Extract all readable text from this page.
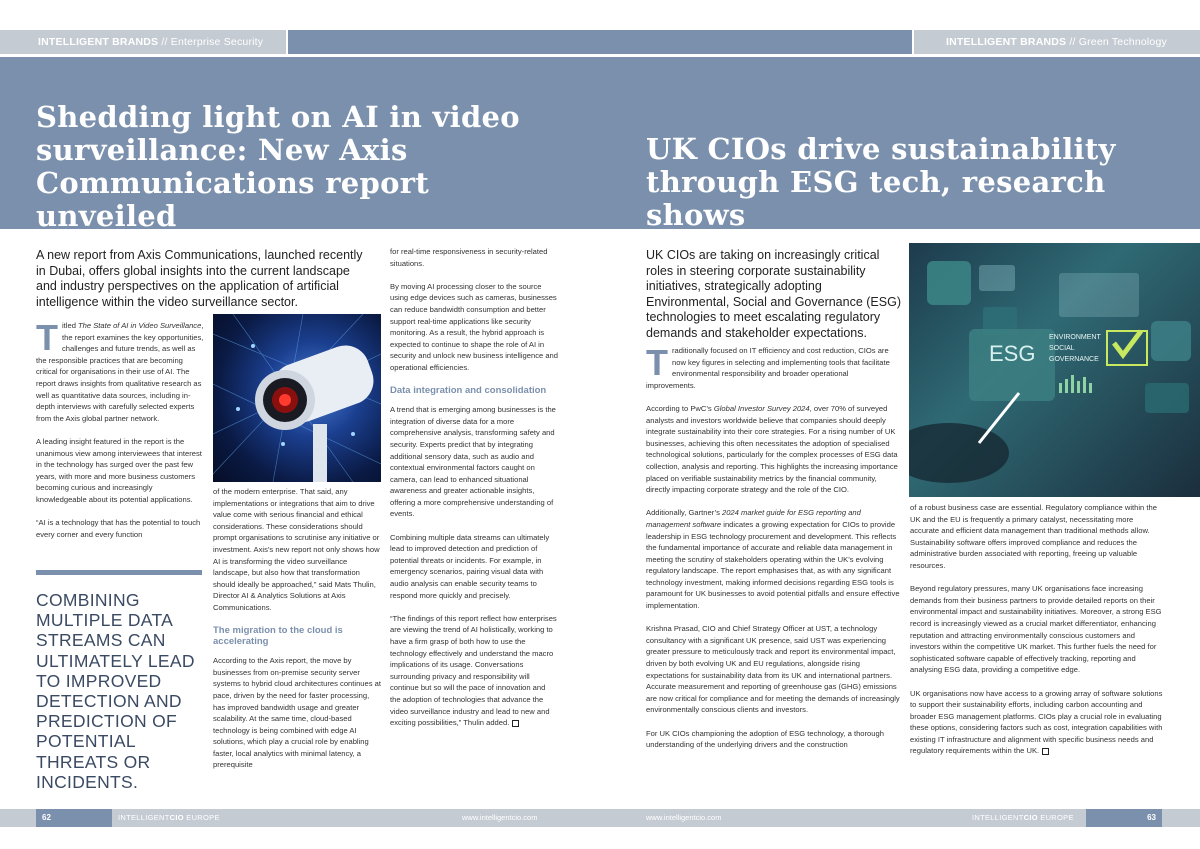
INTELLIGENT BRANDS // Enterprise Security	INTELLIGENT BRANDS // Green Technology
Shedding light on AI in video surveillance: New Axis Communications report unveiled
UK CIOs drive sustainability through ESG tech, research shows
A new report from Axis Communications, launched recently in Dubai, offers global insights into the current landscape and industry perspectives on the application of artificial intelligence within the video surveillance sector.

Titled The State of AI in Video Surveillance, the report examines the key opportunities, challenges and future trends, as well as the responsible practices that are becoming critical for organisations in their use of AI. The report draws insights from qualitative research as well as quantitative data sources, including in-depth interviews with carefully selected experts from the Axis global partner network.

A leading insight featured in the report is the unanimous view among interviewees that interest in the technology has surged over the past few years, with more and more business customers becoming curious and increasingly knowledgeable about its potential applications.

“AI is a technology that has the potential to touch every corner and every function

COMBINING MULTIPLE DATA STREAMS CAN ULTIMATELY LEAD TO IMPROVED DETECTION AND PREDICTION OF POTENTIAL THREATS OR INCIDENTS.

of the modern enterprise. That said, any implementations or integrations that aim to drive value come with serious financial and ethical considerations. These considerations should prompt organisations to scrutinise any initiative or investment. Axis’s new report not only shows how AI is transforming the video surveillance landscape, but also how that transformation should ideally be approached,” said Mats Thulin, Director AI & Analytics Solutions at Axis Communications.

The migration to the cloud is accelerating

According to the Axis report, the move by businesses from on-premise security server systems to hybrid cloud architectures continues at pace, driven by the need for faster processing, has improved bandwidth usage and greater scalability. At the same time, cloud-based technology is being combined with edge AI solutions, which play a crucial role by enabling faster, local analytics with minimal latency, a prerequisite

for real-time responsiveness in security-related situations.

By moving AI processing closer to the source using edge devices such as cameras, businesses can reduce bandwidth consumption and better support real-time applications like security monitoring. As a result, the hybrid approach is expected to continue to shape the role of AI in security and unlock new business intelligence and operational efficiencies.

Data integration and consolidation

A trend that is emerging among businesses is the integration of diverse data for a more comprehensive analysis, transforming safety and security. Experts predict that by integrating additional sensory data, such as audio and contextual environmental factors caught on camera, can lead to enhanced situational awareness and greater actionable insights, offering a more comprehensive understanding of events.

Combining multiple data streams can ultimately lead to improved detection and prediction of potential threats or incidents. For example, in emergency scenarios, pairing visual data with audio analysis can enable security teams to respond more quickly and precisely.

“The findings of this report reflect how enterprises are viewing the trend of AI holistically, working to have a firm grasp of both how to use the technology effectively and understand the macro implications of its usage. Conversations surrounding privacy and responsibility will continue but so will the pace of innovation and the adoption of technologies that advance the video surveillance industry and lead to new and exciting possibilities,” Thulin added.

UK CIOs are taking on increasingly critical roles in steering corporate sustainability initiatives, strategically adopting Environmental, Social and Governance (ESG) technologies to meet escalating regulatory demands and stakeholder expectations.
ESG
ENVIRONMENT
SOCIAL
GOVERNANCE

Traditionally focused on IT efficiency and cost reduction, CIOs are now key figures in selecting and implementing tools that facilitate environmental responsibility and broader operational improvements.

According to PwC’s Global Investor Survey 2024, over 70% of surveyed analysts and investors worldwide believe that companies should deeply integrate sustainability into their core strategies. For a rising number of UK businesses, achieving this often necessitates the adoption of specialised technological solutions, particularly for the complex processes of ESG data collection, analysis and reporting. This highlights the increasing importance placed on verifiable sustainability metrics by the financial community, directly impacting corporate strategy and the role of the CIO.

Additionally, Gartner’s 2024 market guide for ESG reporting and management software indicates a growing expectation for CIOs to provide leadership in ESG technology procurement and development. This reflects the fundamental importance of accurate and reliable data management in meeting the scrutiny of stakeholders operating within the UK’s evolving regulatory landscape. The report emphasises that, as with any significant technology investment, making informed decisions regarding ESG tools is paramount for UK businesses to avoid potential pitfalls and ensure effective implementation.

Krishna Prasad, CIO and Chief Strategy Officer at UST, a technology consultancy with a significant UK presence, said UST was experiencing greater pressure to meticulously track and report its environmental impact, driven by both evolving UK and EU regulations, alongside rising expectations for sustainability data from its UK and international partners. Accurate measurement and reporting of greenhouse gas (GHG) emissions are now critical for compliance and for meeting the demands of increasingly environmentally conscious clients and investors.

For UK CIOs championing the adoption of ESG technology, a thorough understanding of the underlying drivers and the construction

of a robust business case are essential. Regulatory compliance within the UK and the EU is frequently a primary catalyst, necessitating more accurate and efficient data management than traditional methods allow. Sustainability software offers improved compliance and reduces the administrative burden associated with reporting, freeing up valuable resources.

Beyond regulatory pressures, many UK organisations face increasing demands from their business partners to provide detailed reports on their environmental impact and sustainability initiatives. Moreover, a strong ESG record is increasingly viewed as a crucial market differentiator, enhancing reputation and attracting environmentally conscious customers and investors within the competitive UK market. This further fuels the need for sophisticated software capable of effectively tracking, reporting and analysing ESG data, providing a competitive edge.

UK organisations now have access to a growing array of software solutions to support their sustainability efforts, including carbon accounting and broader ESG management platforms. CIOs play a crucial role in evaluating these options, considering factors such as cost, integration capabilities with existing IT infrastructure and alignment with specific business needs and regulatory requirements within the UK.

62	INTELLIGENTCIO EUROPE	www.intelligentcio.com	www.intelligentcio.com	INTELLIGENTCIO EUROPE	63
